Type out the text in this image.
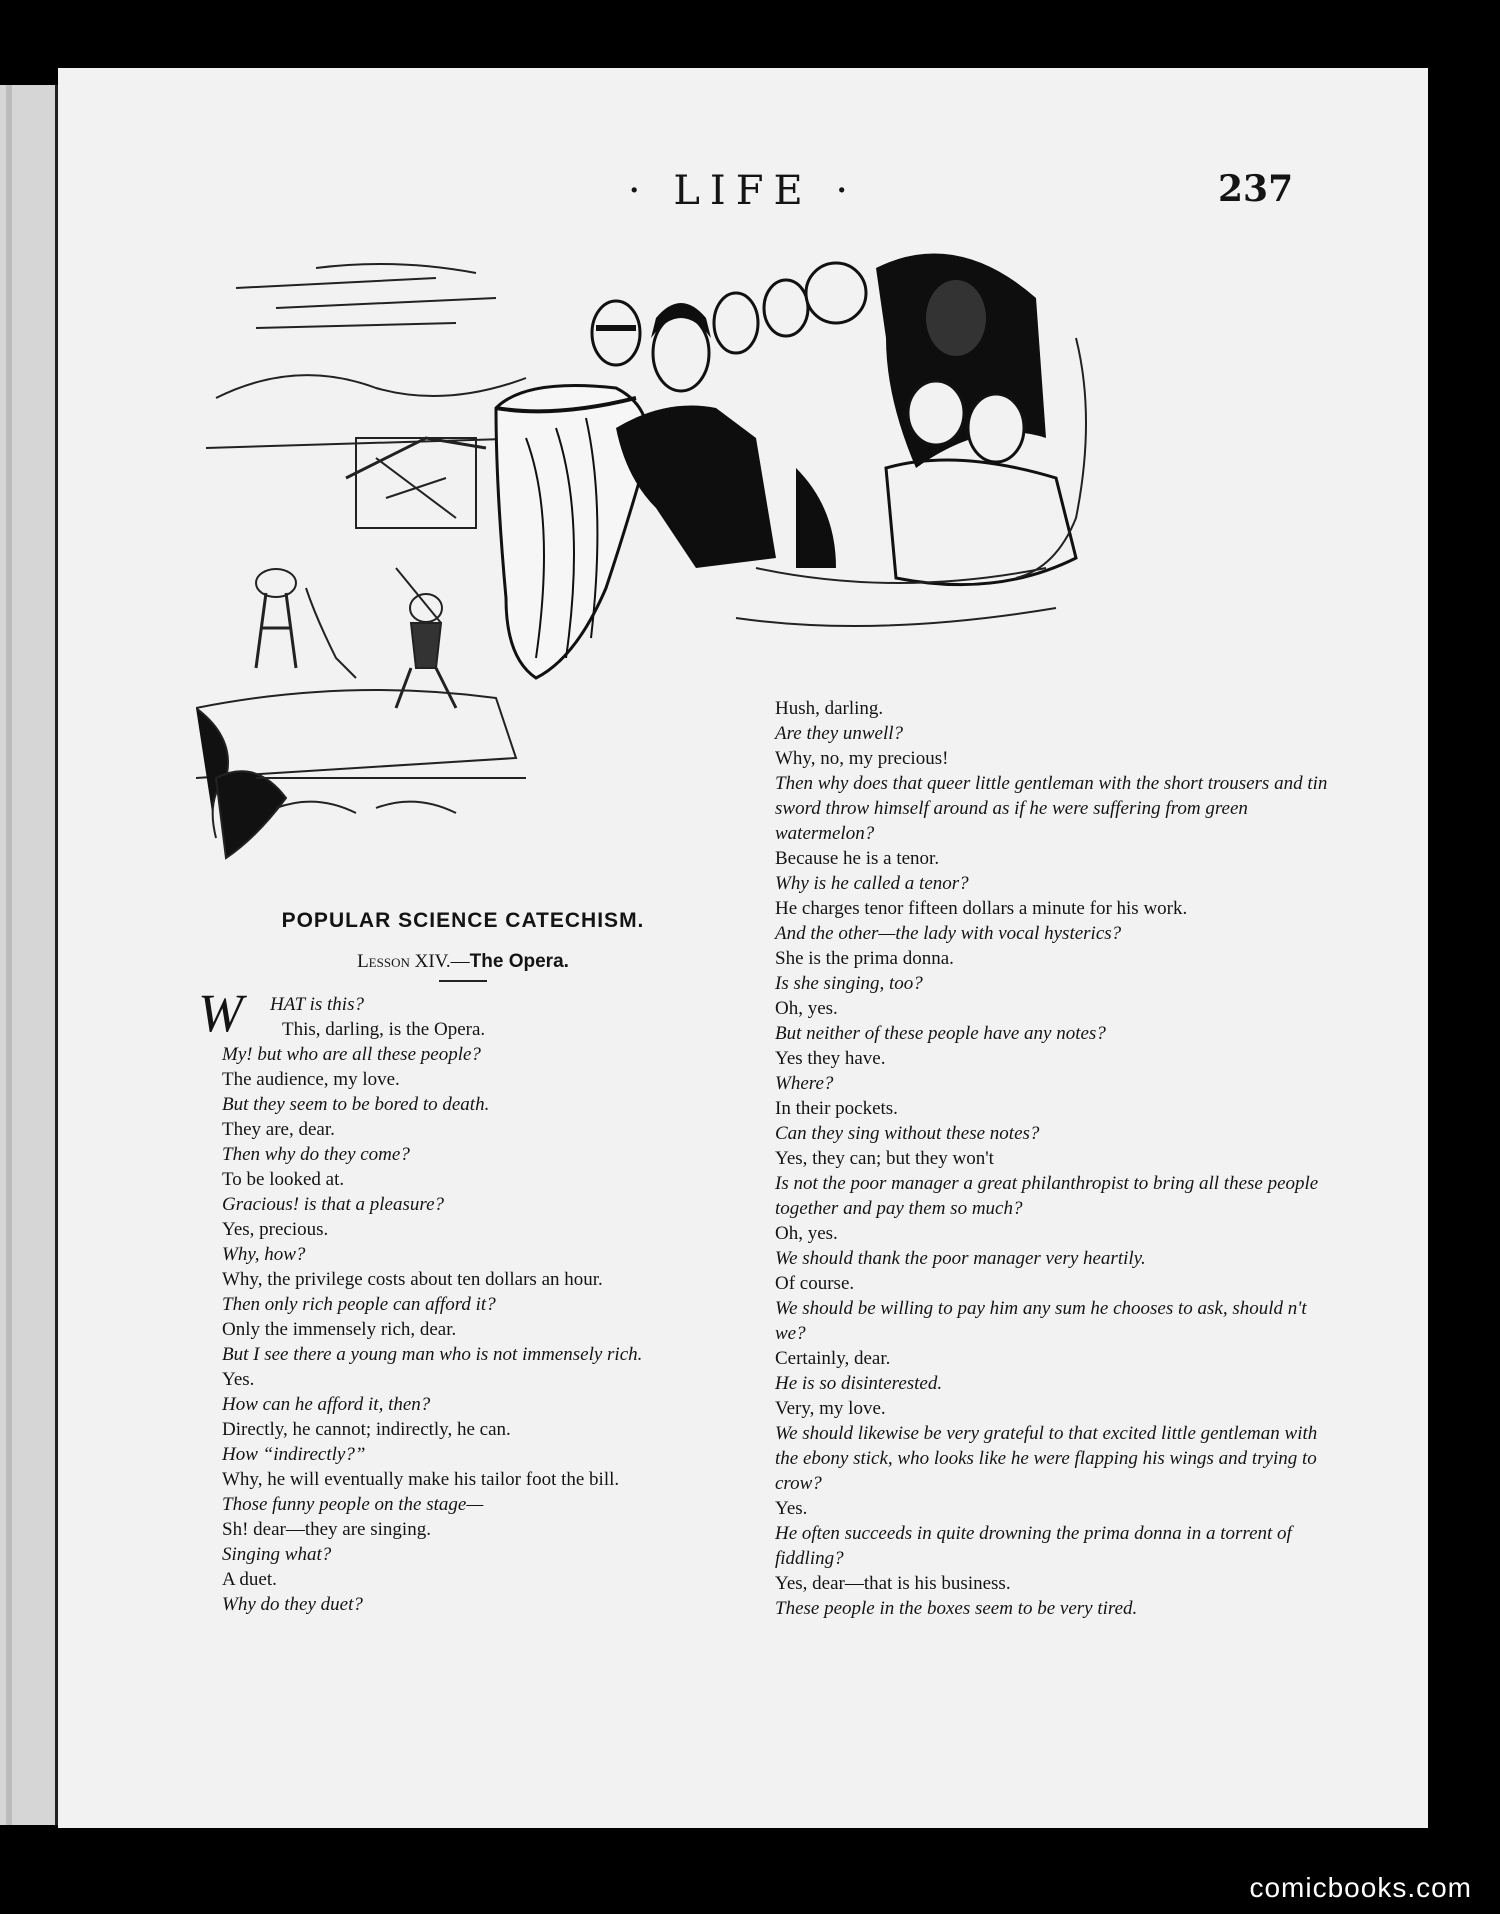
· LIFE ·	237

POPULAR SCIENCE CATECHISM.

Lesson XIV.—The Opera.

W HAT is this?

This, darling, is the Opera.

My! but who are all these people?

The audience, my love.

But they seem to be bored to death.

They are, dear.

Then why do they come?

To be looked at.

Gracious! is that a pleasure?

Yes, precious.

Why, how?

Why, the privilege costs about ten dollars an hour.

Then only rich people can afford it?

Only the immensely rich, dear.

But I see there a young man who is not immensely rich.

Yes.

How can he afford it, then?

Directly, he cannot; indirectly, he can.

How “indirectly?”

Why, he will eventually make his tailor foot the bill.

Those funny people on the stage—

Sh! dear—they are singing.

Singing what?

A duet.

Why do they duet?

Hush, darling.

Are they unwell?

Why, no, my precious!

Then why does that queer little gentleman with the short trousers and tin sword throw himself around as if he were suffering from green watermelon?

Because he is a tenor.

Why is he called a tenor?

He charges tenor fifteen dollars a minute for his work.

And the other—the lady with vocal hysterics?

She is the prima donna.

Is she singing, too?

Oh, yes.

But neither of these people have any notes?

Yes they have.

Where?

In their pockets.

Can they sing without these notes?

Yes, they can; but they won't

Is not the poor manager a great philanthropist to bring all these people together and pay them so much?

Oh, yes.

We should thank the poor manager very heartily.

Of course.

We should be willing to pay him any sum he chooses to ask, should n't we?

Certainly, dear.

He is so disinterested.

Very, my love.

We should likewise be very grateful to that excited little gentleman with the ebony stick, who looks like he were flapping his wings and trying to crow?

Yes.

He often succeeds in quite drowning the prima donna in a torrent of fiddling?

Yes, dear—that is his business.

These people in the boxes seem to be very tired.

comicbooks.com
